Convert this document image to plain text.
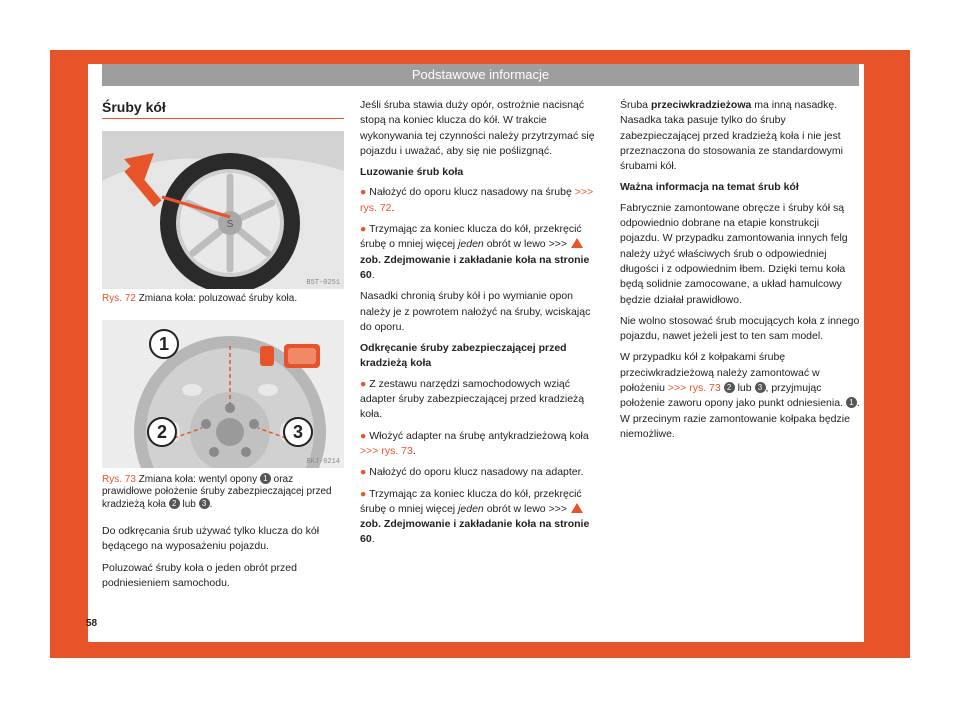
Podstawowe informacje
Śruby kół
S
B5T-0251
Rys. 72 Zmiana koła: poluzować śruby koła.
1
2	3
BKJ-0214
Rys. 73 Zmiana koła: wentyl opony 1 oraz prawidłowe położenie śruby zabezpieczającej przed kradzieżą koła 2 lub 3 .

Do odkręcania śrub używać tylko klucza do kół będącego na wyposażeniu pojazdu.

Poluzować śruby koła o jeden obrót przed podniesieniem samochodu.

Jeśli śruba stawia duży opór, ostrożnie nacisnąć stopą na koniec klucza do kół. W trakcie wykonywania tej czynności należy przytrzymać się pojazdu i uważać, aby się nie poślizgnąć.

Luzowanie śrub koła

● Nałożyć do oporu klucz nasadowy na śrubę >>> rys. 72.

● Trzymając za koniec klucza do kół, przekręcić śrubę o mniej więcej jeden obrót w lewo >>>  zob. Zdejmowanie i zakładanie koła na stronie 60.

Nasadki chronią śruby kół i po wymianie opon należy je z powrotem nałożyć na śruby, wciskając do oporu.

Odkręcanie śruby zabezpieczającej przed kradzieżą koła

● Z zestawu narzędzi samochodowych wziąć adapter śruby zabezpieczającej przed kradzieżą koła.

● Włożyć adapter na śrubę antykradzieżową koła >>> rys. 73.

● Nałożyć do oporu klucz nasadowy na adapter.

● Trzymając za koniec klucza do kół, przekręcić śrubę o mniej więcej jeden obrót w lewo >>>  zob. Zdejmowanie i zakładanie koła na stronie 60.

Śruba przeciwkradzieżowa ma inną nasadkę. Nasadka taka pasuje tylko do śruby zabezpieczającej przed kradzieżą koła i nie jest przeznaczona do stosowania ze standardowymi śrubami kół.

Ważna informacja na temat śrub kół

Fabrycznie zamontowane obręcze i śruby kół są odpowiednio dobrane na etapie konstrukcji pojazdu. W przypadku zamontowania innych felg należy użyć właściwych śrub o odpowiedniej długości i z odpowiednim łbem. Dzięki temu koła będą solidnie zamocowane, a układ hamulcowy będzie działał prawidłowo.

Nie wolno stosować śrub mocujących koła z innego pojazdu, nawet jeżeli jest to ten sam model.

W przypadku kół z kołpakami śrubę przeciwkradzieżową należy zamontować w położeniu >>> rys. 73 2 lub 3 , przyjmując położenie zaworu opony jako punkt odniesienia. 1 . W przecinym razie zamontowanie kołpaka będzie niemożliwe.

58
